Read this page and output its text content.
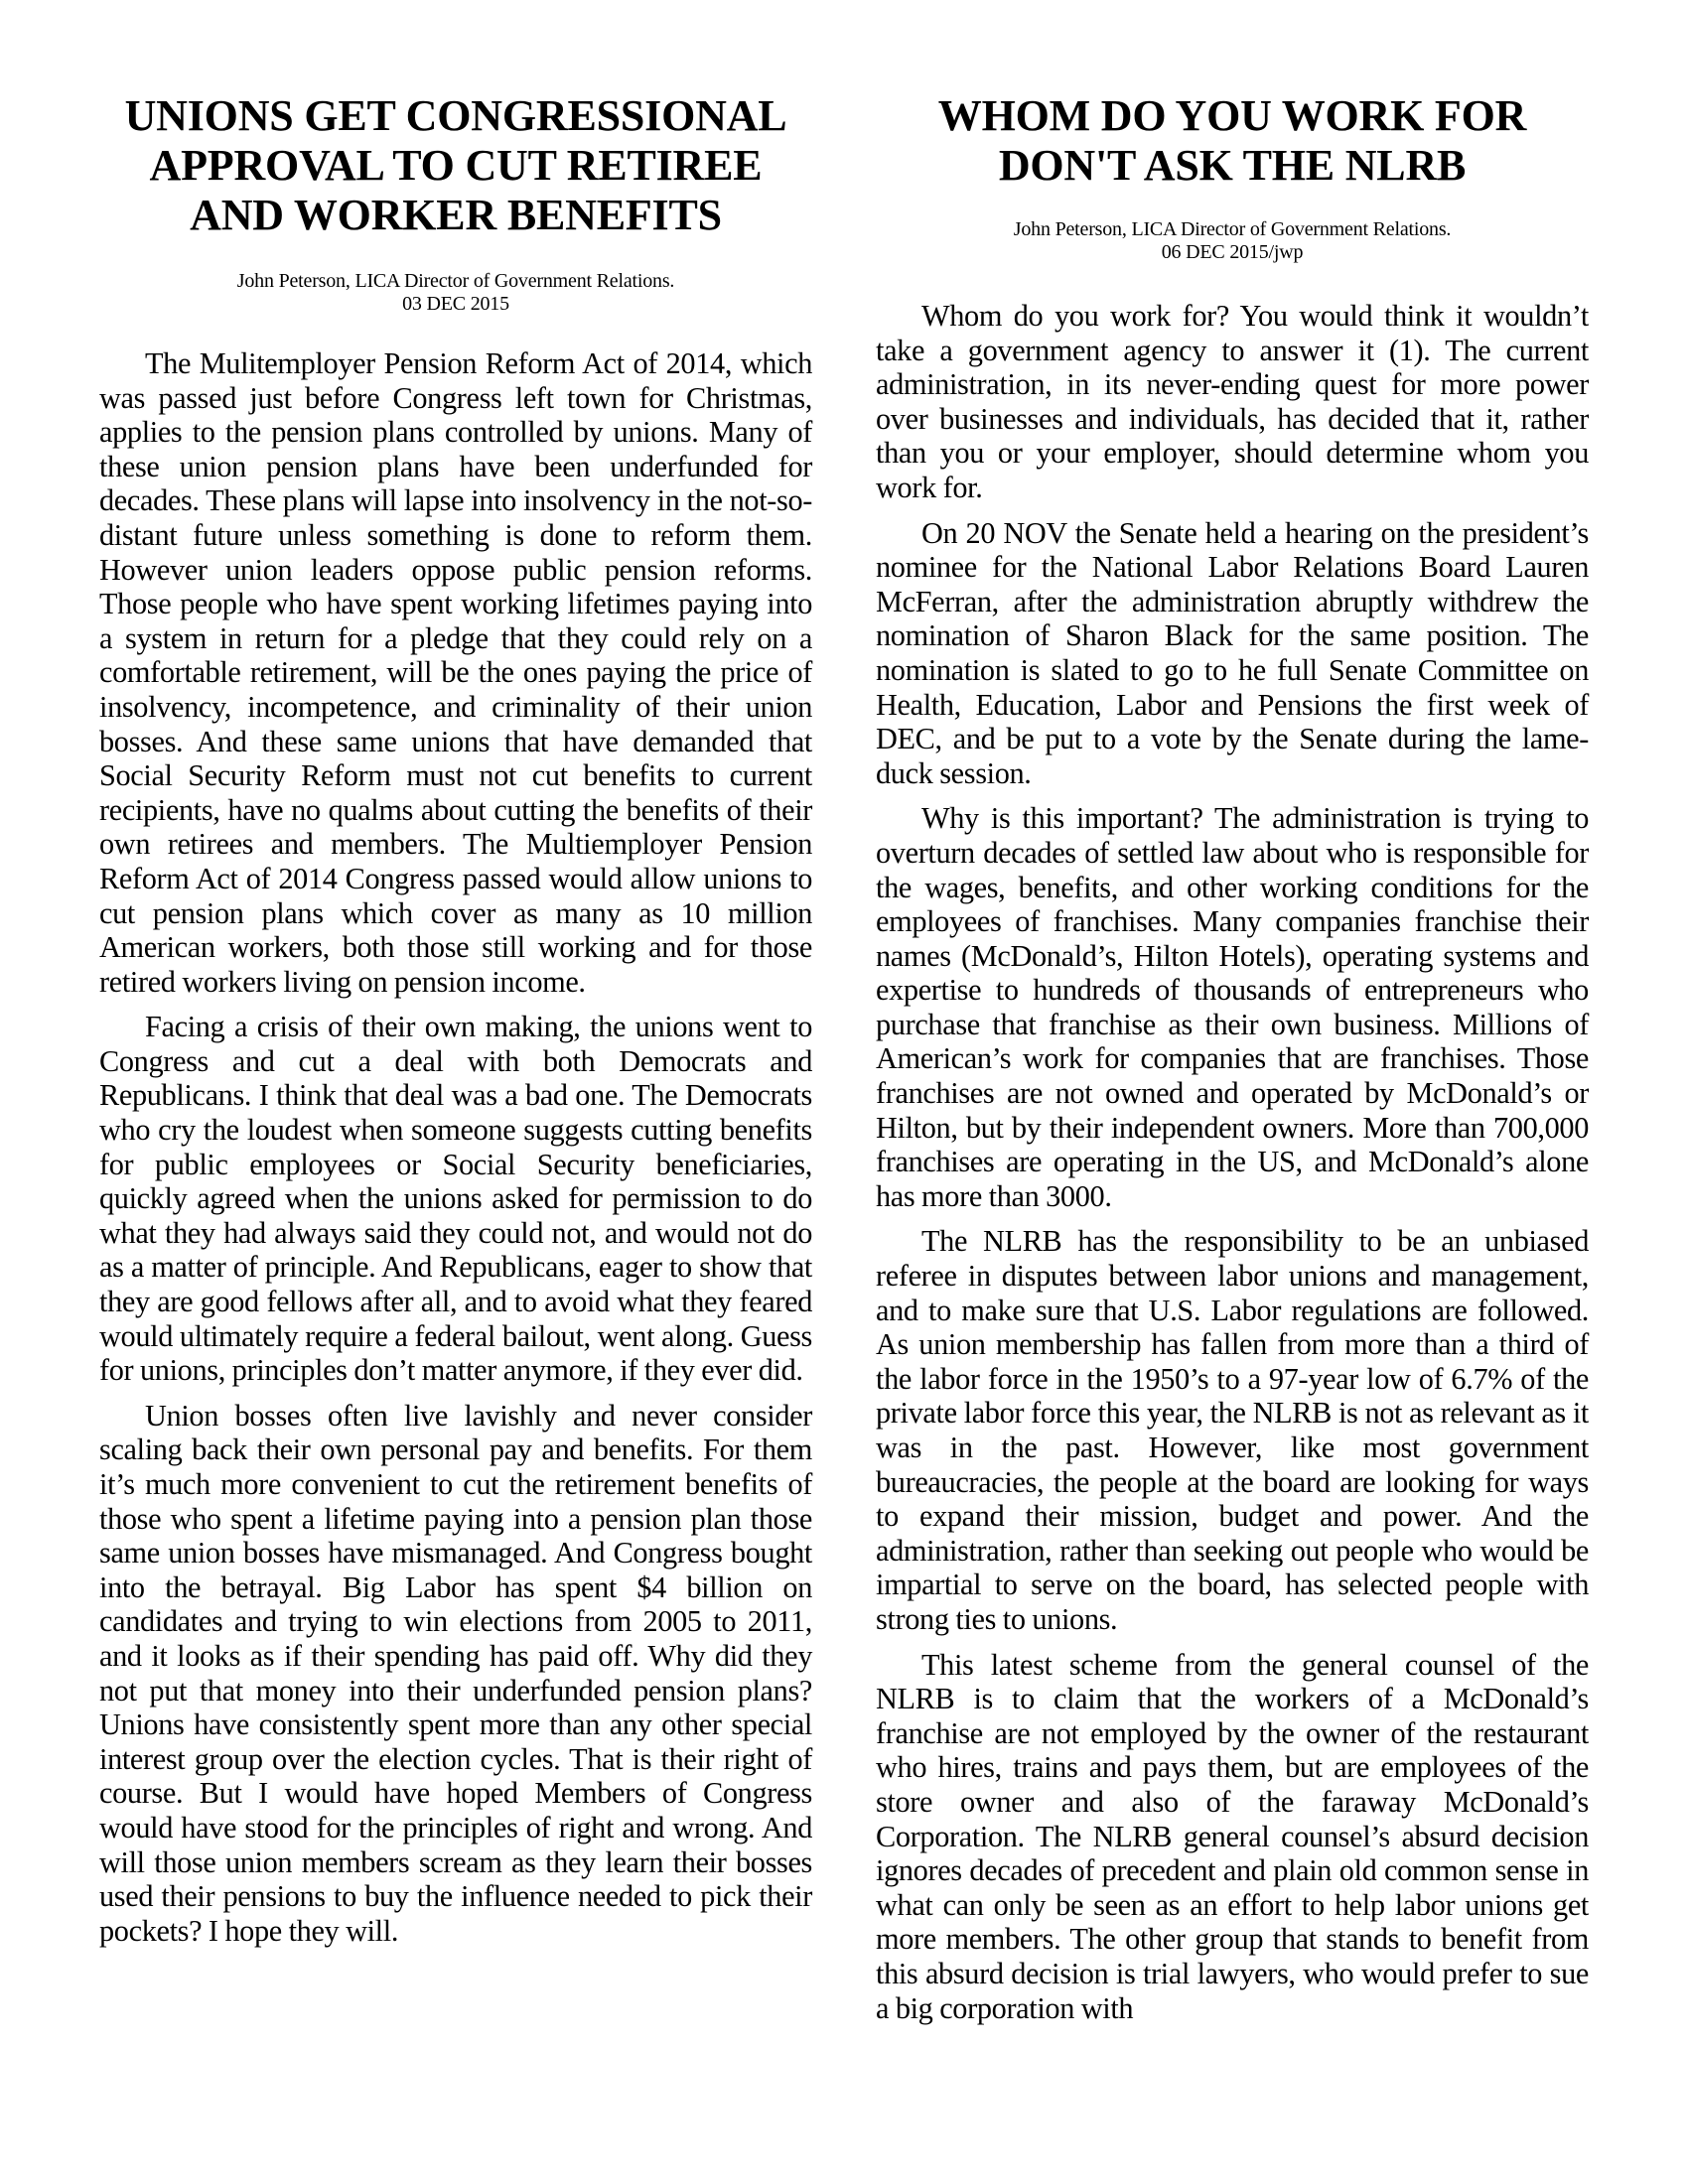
UNIONS GET CONGRESSIONAL
APPROVAL TO CUT RETIREE
AND WORKER BENEFITS

John Peterson, LICA Director of Government Relations.
03 DEC 2015

The Mulitemployer Pension Reform Act of 2014, which was passed just before Congress left town for Christmas, applies to the pension plans controlled by unions. Many of these union pension plans have been underfunded for decades. These plans will lapse into insolvency in the not-so-distant future unless something is done to reform them. However union leaders oppose public pension reforms. Those people who have spent working lifetimes paying into a system in return for a pledge that they could rely on a comfortable retirement, will be the ones paying the price of insolvency, incompetence, and criminality of their union bosses. And these same unions that have demanded that Social Security Reform must not cut benefits to current recipients, have no qualms about cutting the benefits of their own retirees and members. The Multiemployer Pension Reform Act of 2014 Congress passed would allow unions to cut pension plans which cover as many as 10 million American workers, both those still working and for those retired workers living on pension income.

Facing a crisis of their own making, the unions went to Congress and cut a deal with both Democrats and Republicans. I think that deal was a bad one. The Democrats who cry the loudest when someone suggests cutting benefits for public employees or Social Security beneficiaries, quickly agreed when the unions asked for permission to do what they had always said they could not, and would not do as a matter of principle. And Republicans, eager to show that they are good fellows after all, and to avoid what they feared would ultimately require a federal bailout, went along. Guess for unions, principles don’t matter anymore, if they ever did.

Union bosses often live lavishly and never consider scaling back their own personal pay and benefits. For them it’s much more convenient to cut the retirement benefits of those who spent a lifetime paying into a pension plan those same union bosses have mismanaged. And Congress bought into the betrayal. Big Labor has spent $4 billion on candidates and trying to win elections from 2005 to 2011, and it looks as if their spending has paid off. Why did they not put that money into their underfunded pension plans? Unions have consistently spent more than any other special interest group over the election cycles. That is their right of course. But I would have hoped Members of Congress would have stood for the principles of right and wrong. And will those union members scream as they learn their bosses used their pensions to buy the influence needed to pick their pockets? I hope they will.

WHOM DO YOU WORK FOR
DON'T ASK THE NLRB

John Peterson, LICA Director of Government Relations.
06 DEC 2015/jwp

Whom do you work for? You would think it wouldn’t take a government agency to answer it (1). The current administration, in its never-ending quest for more power over businesses and individuals, has decided that it, rather than you or your employer, should determine whom you work for.

On 20 NOV the Senate held a hearing on the president’s nominee for the National Labor Relations Board Lauren McFerran, after the administration abruptly withdrew the nomination of Sharon Black for the same position. The nomination is slated to go to he full Senate Committee on Health, Education, Labor and Pensions the first week of DEC, and be put to a vote by the Senate during the lame-duck session.

Why is this important? The administration is trying to overturn decades of settled law about who is responsible for the wages, benefits, and other working conditions for the employees of franchises. Many companies franchise their names (McDonald’s, Hilton Hotels), operating systems and expertise to hundreds of thousands of entrepreneurs who purchase that franchise as their own business. Millions of American’s work for companies that are franchises. Those franchises are not owned and operated by McDonald’s or Hilton, but by their independent owners. More than 700,000 franchises are operating in the US, and McDonald’s alone has more than 3000.

The NLRB has the responsibility to be an unbiased referee in disputes between labor unions and management, and to make sure that U.S. Labor regulations are followed. As union membership has fallen from more than a third of the labor force in the 1950’s to a 97-year low of 6.7% of the private labor force this year, the NLRB is not as relevant as it was in the past. However, like most government bureaucracies, the people at the board are looking for ways to expand their mission, budget and power. And the administration, rather than seeking out people who would be impartial to serve on the board, has selected people with strong ties to unions.

This latest scheme from the general counsel of the NLRB is to claim that the workers of a McDonald’s franchise are not employed by the owner of the restaurant who hires, trains and pays them, but are employees of the store owner and also of the faraway McDonald’s Corporation. The NLRB general counsel’s absurd decision ignores decades of precedent and plain old common sense in what can only be seen as an effort to help labor unions get more members. The other group that stands to benefit from this absurd decision is trial lawyers, who would prefer to sue a big corporation with
